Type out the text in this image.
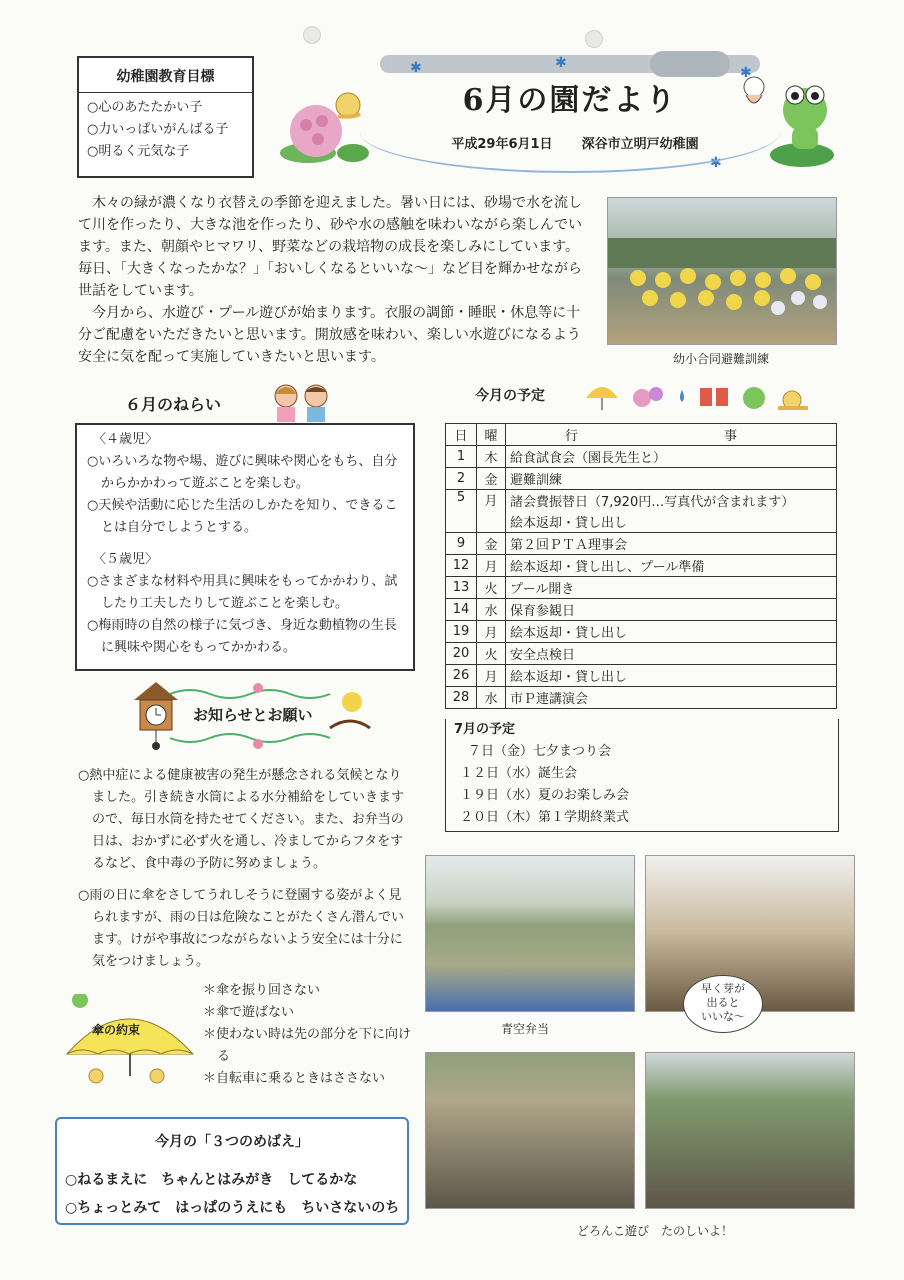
幼稚園教育目標
○心のあたたかい子
○力いっぱいがんばる子
○明るく元気な子
✱	✱
✱
✱
6月の園だより
平成29年6月1日 深谷市立明戸幼稚園

木々の緑が濃くなり衣替えの季節を迎えました。暑い日には、砂場で水を流して川を作ったり、大きな池を作ったり、砂や水の感触を味わいながら楽しんでいます。また、朝顔やヒマワリ、野菜などの栽培物の成長を楽しみにしています。毎日、「大きくなったかな？」「おいしくなるといいな～」など目を輝かせながら世話をしています。

今月から、水遊び・プール遊びが始まります。衣服の調節・睡眠・休息等に十分ご配慮をいただきたいと思います。開放感を味わい、楽しい水遊びになるよう安全に気を配って実施していきたいと思います。	幼小合同避難訓練
６月のねらい
〈４歳児〉
○いろいろな物や場、遊びに興味や関心をもち、自分からかかわって遊ぶことを楽しむ。
○天候や活動に応じた生活のしかたを知り、できることは自分でしようとする。
〈５歳児〉
○さまざまな材料や用具に興味をもってかかわり、試したり工夫したりして遊ぶことを楽しむ。
○梅雨時の自然の様子に気づき、身近な動植物の生長に興味や関心をもってかかわる。
今月の予定
日	曜	行　　事
1	木	給食試食会（園長先生と）
2	金	避難訓練
5	月	諸会費振替日（7,920円…写真代が含まれます）
		絵本返却・貸し出し
9	金	第２回ＰＴＡ理事会
12	月	絵本返却・貸し出し、プール準備
13	火	プール開き
14	水	保育参観日
19	月	絵本返却・貸し出し
20	火	安全点検日
26	月	絵本返却・貸し出し
28	水	市Ｐ連講演会
7月の予定
７日（金）七夕まつり会
１２日（水）誕生会
１９日（水）夏のお楽しみ会
２０日（木）第１学期終業式
お知らせとお願い
○熱中症による健康被害の発生が懸念される気候となりました。引き続き水筒による水分補給をしていきますので、毎日水筒を持たせてください。また、お弁当の日は、おかずに必ず火を通し、冷ましてからフタをするなど、食中毒の予防に努めましょう。
○雨の日に傘をさしてうれしそうに登園する姿がよく見られますが、雨の日は危険なことがたくさん潜んでいます。けがや事故につながらないよう安全には十分に気をつけましょう。
傘の約束
＊傘を振り回さない
＊傘で遊ばない
＊使わない時は先の部分を下に向ける
＊自転車に乗るときはささない
今月の「３つのめばえ」
○ねるまえに　ちゃんとはみがき　してるかな
○ちょっとみて　はっぱのうえにも　ちいさないのち
青空弁当
早く芽が
出ると
いいな～
どろんこ遊び　たのしいよ！
